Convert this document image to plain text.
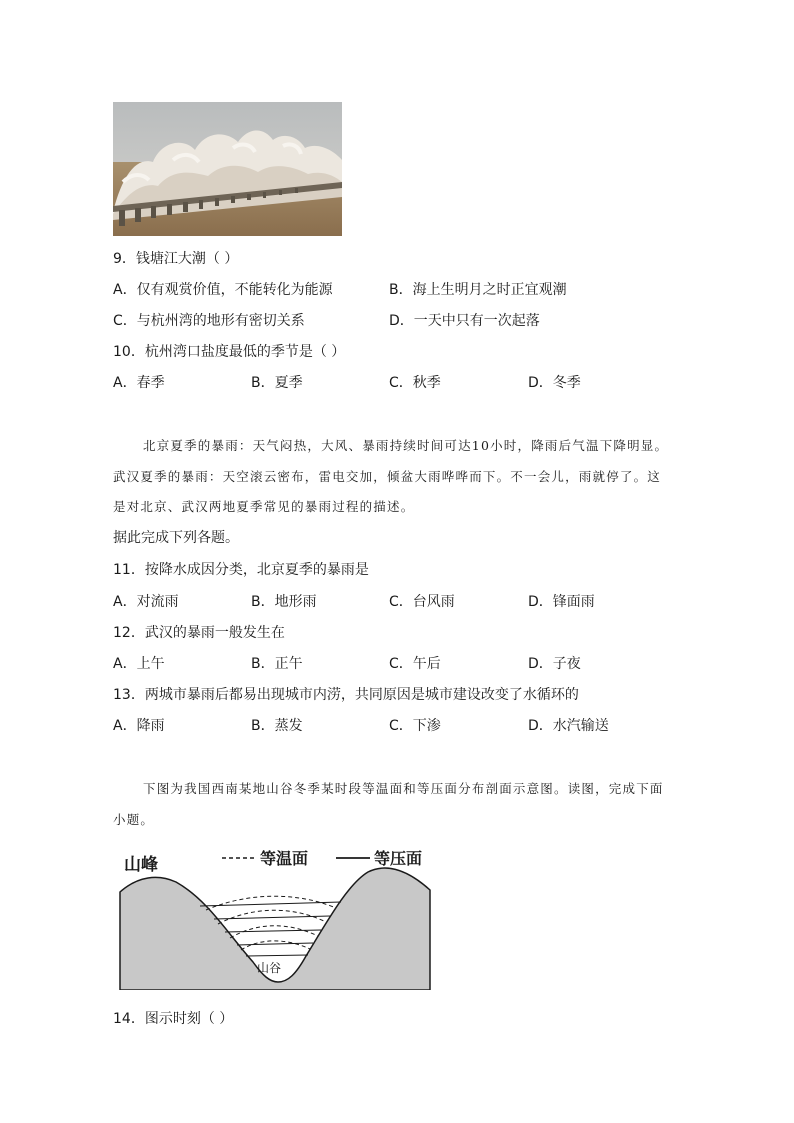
9．钱塘江大潮（ ）
A．仅有观赏价值，不能转化为能源	B．海上生明月之时正宜观潮
C．与杭州湾的地形有密切关系	D．一天中只有一次起落
10．杭州湾口盐度最低的季节是（ ）
A．春季	B．夏季	C．秋季	D．冬季
北京夏季的暴雨：天气闷热，大风、暴雨持续时间可达10小时，降雨后气温下降明显。
武汉夏季的暴雨：天空滚云密布，雷电交加，倾盆大雨哗哗而下。不一会儿，雨就停了。这
是对北京、武汉两地夏季常见的暴雨过程的描述。
据此完成下列各题。
11．按降水成因分类，北京夏季的暴雨是
A．对流雨	B．地形雨	C．台风雨	D．锋面雨
12．武汉的暴雨一般发生在
A．上午	B．正午	C．午后	D．子夜
13．两城市暴雨后都易出现城市内涝，共同原因是城市建设改变了水循环的
A．降雨	B．蒸发	C．下渗	D．水汽输送
下图为我国西南某地山谷冬季某时段等温面和等压面分布剖面示意图。读图，完成下面
小题。
山峰
山谷
等温面	等压面
14．图示时刻（ ）
